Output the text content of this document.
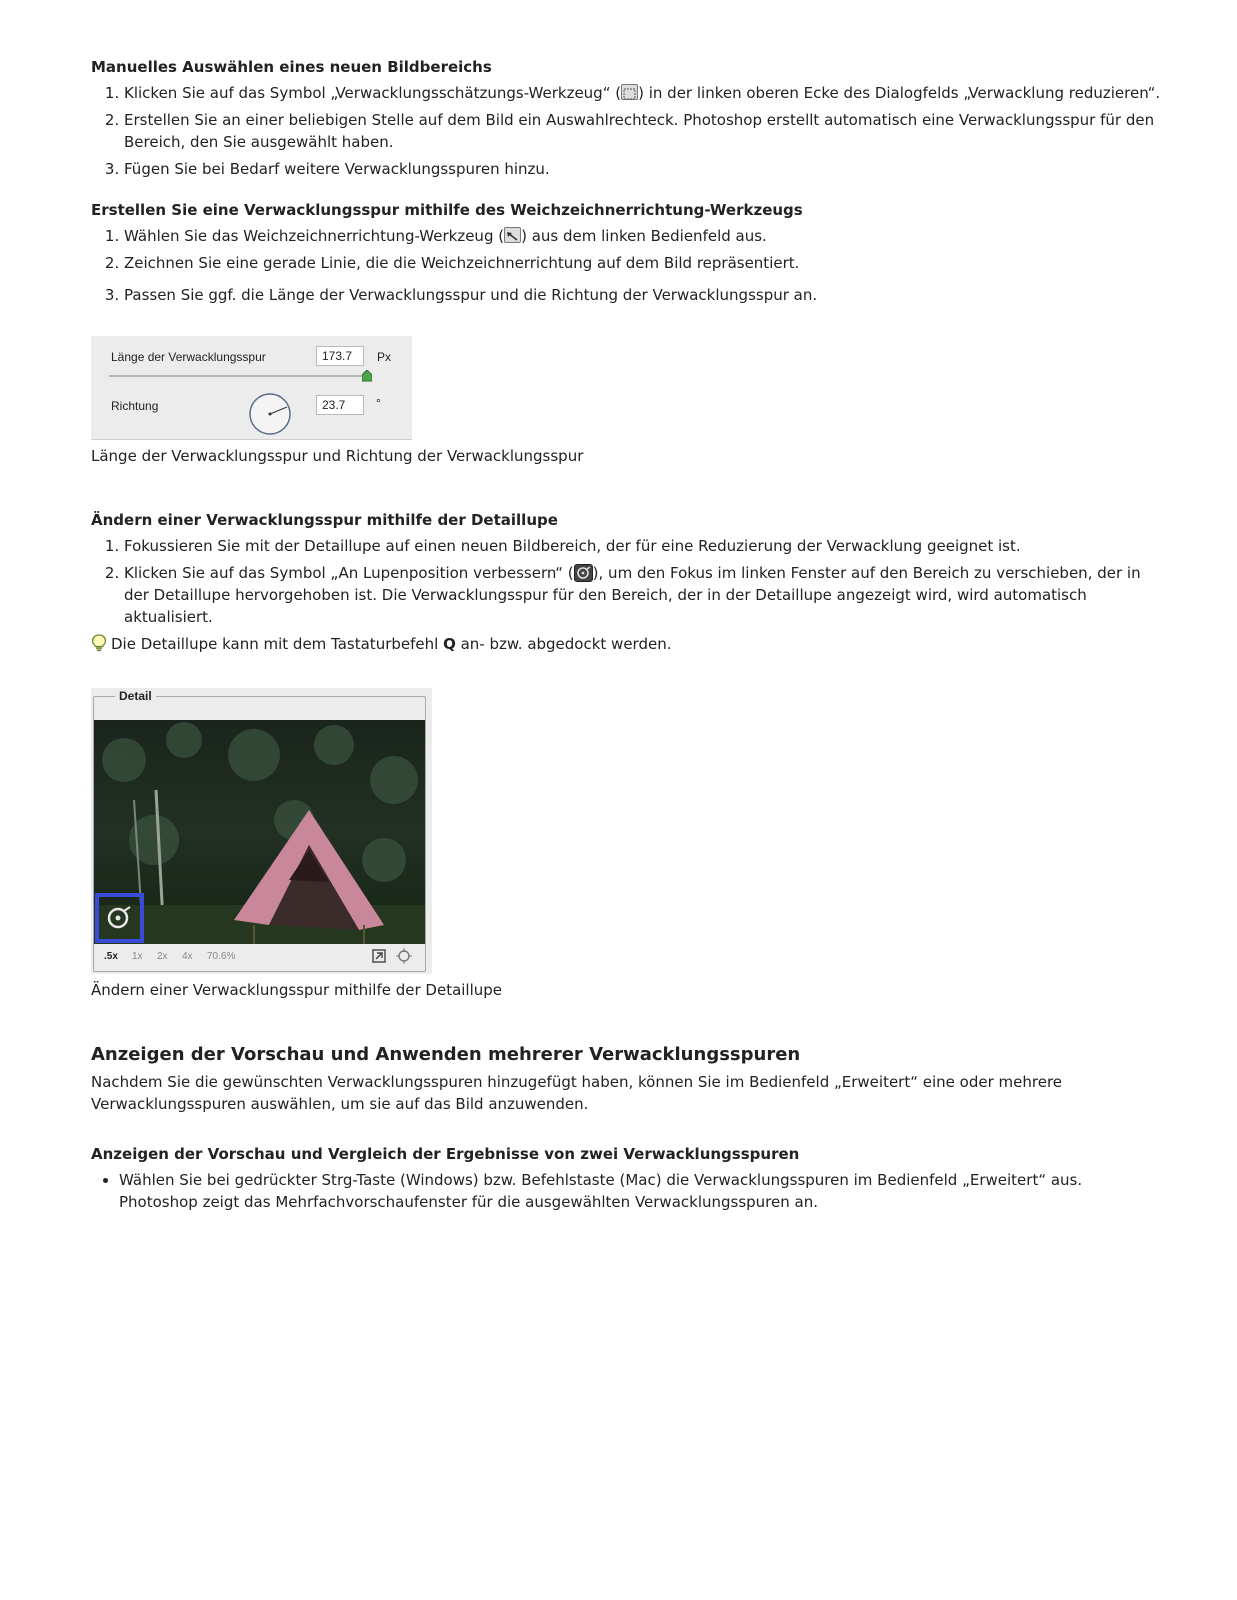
Manuelles Auswählen eines neuen Bildbereichs
1. Klicken Sie auf das Symbol „Verwacklungsschätzungs-Werkzeug“ ( ) in der linken oberen Ecke des Dialogfelds „Verwacklung reduzieren“.
2. Erstellen Sie an einer beliebigen Stelle auf dem Bild ein Auswahlrechteck. Photoshop erstellt automatisch eine Verwacklungsspur für den Bereich, den Sie ausgewählt haben.
3. Fügen Sie bei Bedarf weitere Verwacklungsspuren hinzu.
Erstellen Sie eine Verwacklungsspur mithilfe des Weichzeichnerrichtung-Werkzeugs
1. Wählen Sie das Weichzeichnerrichtung-Werkzeug ( ) aus dem linken Bedienfeld aus.
2. Zeichnen Sie eine gerade Linie, die die Weichzeichnerrichtung auf dem Bild repräsentiert.
3. Passen Sie ggf. die Länge der Verwacklungsspur und die Richtung der Verwacklungsspur an.
Länge der Verwacklungsspur	173.7	Px
Richtung	23.7	°
Länge der Verwacklungsspur und Richtung der Verwacklungsspur
Ändern einer Verwacklungsspur mithilfe der Detaillupe
1. Fokussieren Sie mit der Detaillupe auf einen neuen Bildbereich, der für eine Reduzierung der Verwacklung geeignet ist.
2. Klicken Sie auf das Symbol „An Lupenposition verbessern“ ( ), um den Fokus im linken Fenster auf den Bereich zu verschieben, der in der Detaillupe hervorgehoben ist. Die Verwacklungsspur für den Bereich, der in der Detaillupe angezeigt wird, wird automatisch aktualisiert.

Die Detaillupe kann mit dem Tastaturbefehl Q an- bzw. abgedockt werden.

Detail
.5x 1x 2x 4x 70.6%
Ändern einer Verwacklungsspur mithilfe der Detaillupe
Anzeigen der Vorschau und Anwenden mehrerer Verwacklungsspuren

Nachdem Sie die gewünschten Verwacklungsspuren hinzugefügt haben, können Sie im Bedienfeld „Erweitert“ eine oder mehrere Verwacklungsspuren auswählen, um sie auf das Bild anzuwenden.

Anzeigen der Vorschau und Vergleich der Ergebnisse von zwei Verwacklungsspuren
• Wählen Sie bei gedrückter Strg-Taste (Windows) bzw. Befehlstaste (Mac) die Verwacklungsspuren im Bedienfeld „Erweitert“ aus. Photoshop zeigt das Mehrfachvorschaufenster für die ausgewählten Verwacklungsspuren an.
